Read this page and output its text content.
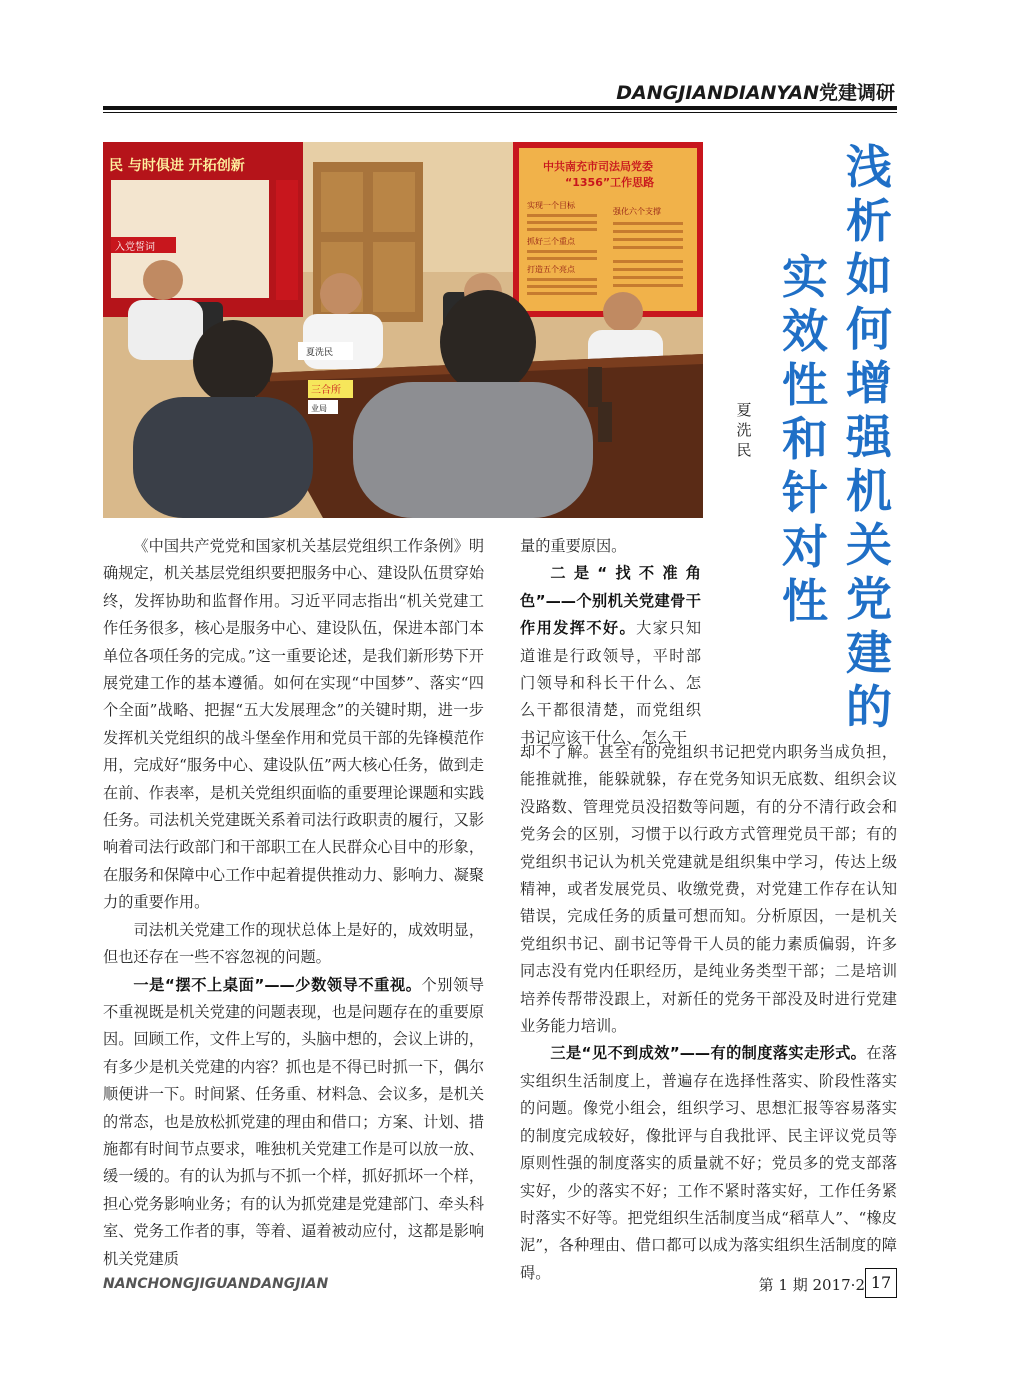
DANGJIANDIANYAN党建调研
民 与时俱进 开拓创新
入党誓词
中共南充市司法局党委
“1356”工作思路
实现一个目标
强化六个支撑
抓好三个重点
打造五个亮点
夏洗民
三合所
业局
浅析如何增强机关党建的
实效性和针对性
夏洗民

《中国共产党党和国家机关基层党组织工作条例》明确规定，机关基层党组织要把服务中心、建设队伍贯穿始终，发挥协助和监督作用。习近平同志指出“机关党建工作任务很多，核心是服务中心、建设队伍，保进本部门本单位各项任务的完成。”这一重要论述，是我们新形势下开展党建工作的基本遵循。如何在实现“中国梦”、落实“四个全面”战略、把握“五大发展理念”的关键时期，进一步发挥机关党组织的战斗堡垒作用和党员干部的先锋模范作用，完成好“服务中心、建设队伍”两大核心任务，做到走在前、作表率，是机关党组织面临的重要理论课题和实践任务。司法机关党建既关系着司法行政职责的履行，又影响着司法行政部门和干部职工在人民群众心目中的形象，在服务和保障中心工作中起着提供推动力、影响力、凝聚力的重要作用。

司法机关党建工作的现状总体上是好的，成效明显，但也还存在一些不容忽视的问题。

一是“摆不上桌面”——少数领导不重视。个别领导不重视既是机关党建的问题表现，也是问题存在的重要原因。回顾工作，文件上写的，头脑中想的，会议上讲的，有多少是机关党建的内容？抓也是不得已时抓一下，偶尔顺便讲一下。时间紧、任务重、材料急、会议多，是机关的常态，也是放松抓党建的理由和借口；方案、计划、措施都有时间节点要求，唯独机关党建工作是可以放一放、缓一缓的。有的认为抓与不抓一个样，抓好抓坏一个样，担心党务影响业务；有的认为抓党建是党建部门、牵头科室、党务工作者的事，等着、逼着被动应付，这都是影响机关党建质

量的重要原因。

二是“找不准角色”——个别机关党建骨干作用发挥不好。大家只知道谁是行政领导，平时部门领导和科长干什么、怎么干都很清楚，而党组织书记应该干什么、怎么干

却不了解。甚至有的党组织书记把党内职务当成负担，能推就推，能躲就躲，存在党务知识无底数、组织会议没路数、管理党员没招数等问题，有的分不清行政会和党务会的区别，习惯于以行政方式管理党员干部；有的党组织书记认为机关党建就是组织集中学习，传达上级精神，或者发展党员、收缴党费，对党建工作存在认知错误，完成任务的质量可想而知。分析原因，一是机关党组织书记、副书记等骨干人员的能力素质偏弱，许多同志没有党内任职经历，是纯业务类型干部；二是培训培养传帮带没跟上，对新任的党务干部没及时进行党建业务能力培训。

三是“见不到成效”——有的制度落实走形式。在落实组织生活制度上，普遍存在选择性落实、阶段性落实的问题。像党小组会，组织学习、思想汇报等容易落实的制度完成较好，像批评与自我批评、民主评议党员等原则性强的制度落实的质量就不好；党员多的党支部落实好，少的落实不好；工作不紧时落实好，工作任务紧时落实不好等。把党组织生活制度当成“稻草人”、“橡皮泥”，各种理由、借口都可以成为落实组织生活制度的障碍。

NANCHONGJIGUANDANGJIAN	第 1 期 2017·2 17
